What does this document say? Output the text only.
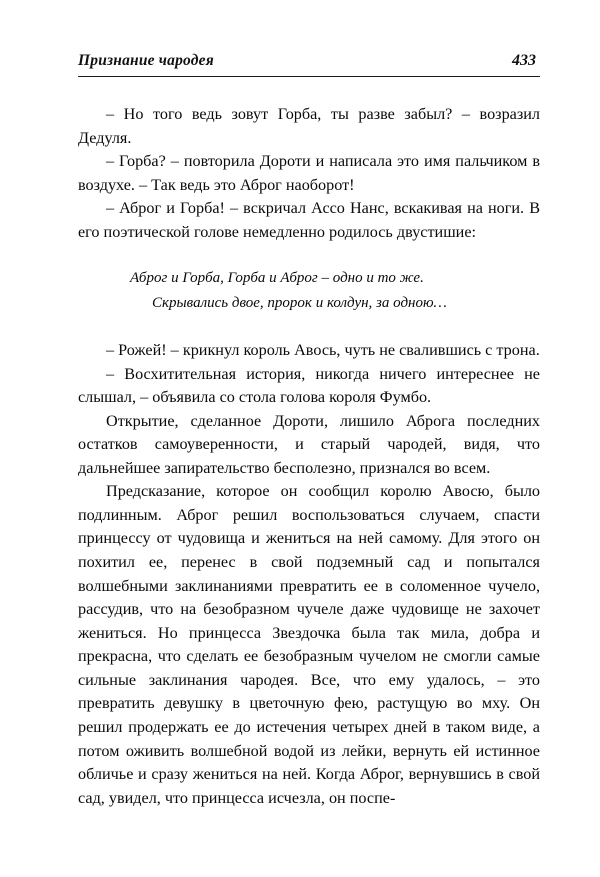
Признание чародея	433

– Но того ведь зовут Горба, ты разве забыл? – возразил Дедуля.

– Горба? – повторила Дороти и написала это имя пальчиком в воздухе. – Так ведь это Аброг наоборот!

– Аброг и Горба! – вскричал Ассо Нанс, вскакивая на ноги. В его поэтической голове немедленно родилось двустишие:

Аброг и Горба, Горба и Аброг – одно и то же.
Скрывались двое, пророк и колдун, за одною…

– Рожей! – крикнул король Авось, чуть не свалившись с трона.

– Восхитительная история, никогда ничего интереснее не слышал, – объявила со стола голова короля Фумбо.

Открытие, сделанное Дороти, лишило Аброга последних остатков самоуверенности, и старый чародей, видя, что дальнейшее запирательство бесполезно, признался во всем.

Предсказание, которое он сообщил королю Авосю, было подлинным. Аброг решил воспользоваться случаем, спасти принцессу от чудовища и жениться на ней самому. Для этого он похитил ее, перенес в свой подземный сад и попытался волшебными заклинаниями превратить ее в соломенное чучело, рассудив, что на безобразном чучеле даже чудовище не захочет жениться. Но принцесса Звездочка была так мила, добра и прекрасна, что сделать ее безобразным чучелом не смогли самые сильные заклинания чародея. Все, что ему удалось, – это превратить девушку в цветочную фею, растущую во мху. Он решил продержать ее до истечения четырех дней в таком виде, а потом оживить волшебной водой из лейки, вернуть ей истинное обличье и сразу жениться на ней. Когда Аброг, вернувшись в свой сад, увидел, что принцесса исчезла, он поспе-
